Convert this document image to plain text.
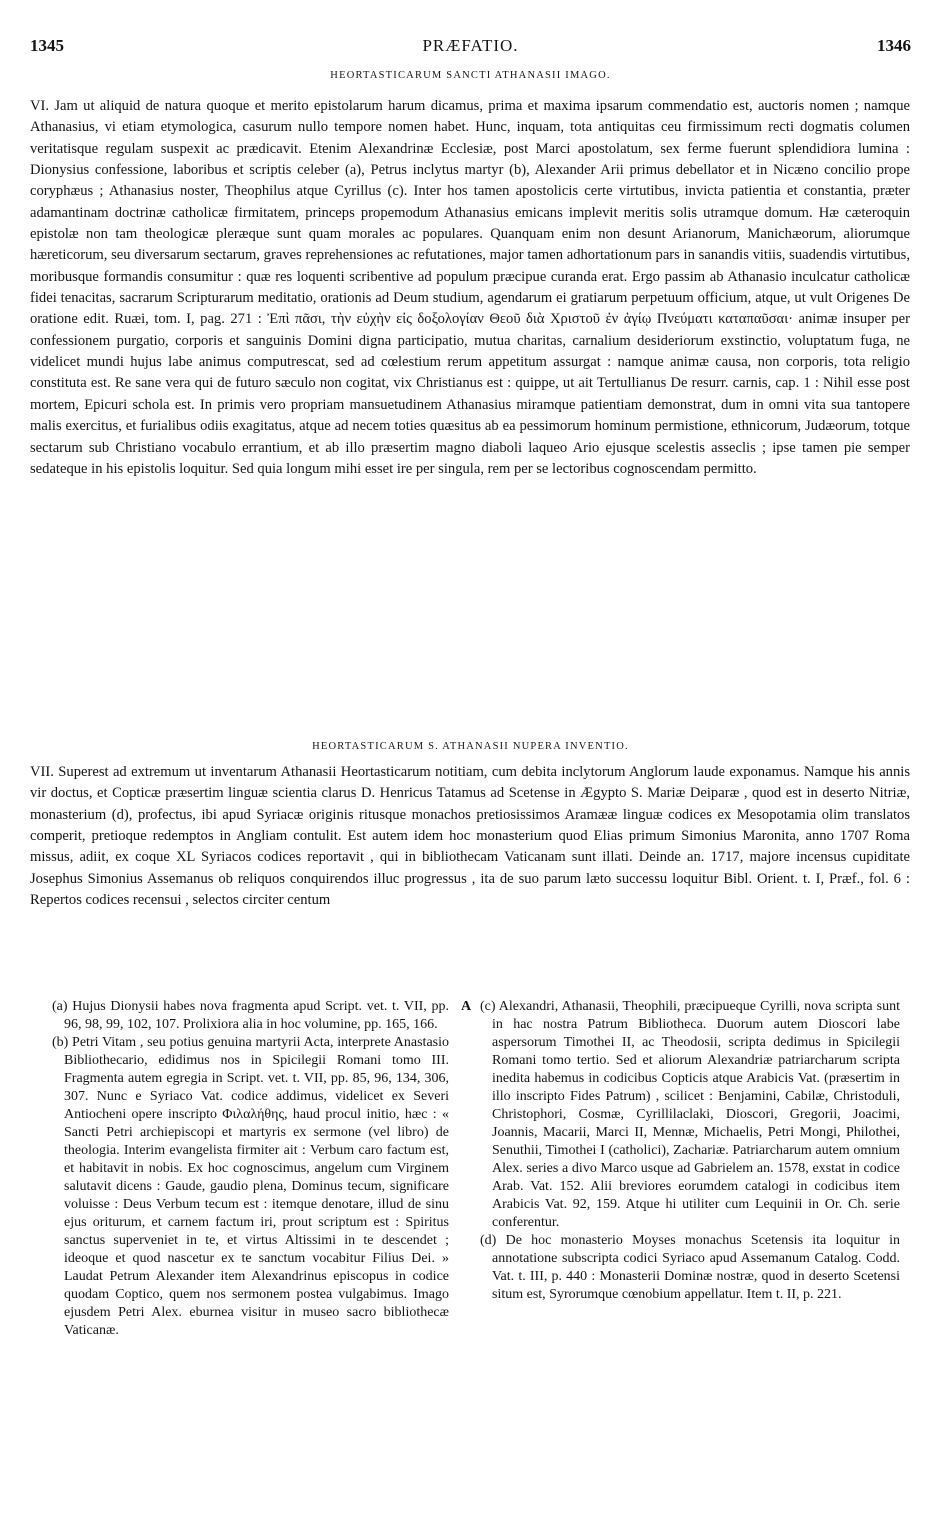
1345	PRÆFATIO.	1346
HEORTASTICARUM SANCTI ATHANASII IMAGO.

VI. Jam ut aliquid de natura quoque et merito epistolarum harum dicamus, prima et maxima ipsarum commendatio est, auctoris nomen ; namque Athanasius, vi etiam etymologica, casurum nullo tempore nomen habet. Hunc, inquam, tota antiquitas ceu firmissimum recti dogmatis columen veritatisque regulam suspexit ac prædicavit. Etenim Alexandrinæ Ecclesiæ, post Marci apostolatum, sex ferme fuerunt splendidiora lumina : Dionysius confessione, laboribus et scriptis celeber (a), Petrus inclytus martyr (b), Alexander Arii primus debellator et in Nicæno concilio prope coryphæus ; Athanasius noster, Theophilus atque Cyrillus (c). Inter hos tamen apostolicis certe virtutibus, invicta patientia et constantia, præter adamantinam doctrinæ catholicæ firmitatem, princeps propemodum Athanasius emicans implevit meritis solis utramque domum. Hæ cæteroquin epistolæ non tam theologicæ pleræque sunt quam morales ac populares. Quanquam enim non desunt Arianorum, Manichæorum, aliorumque hæreticorum, seu diversarum sectarum, graves reprehensiones ac refutationes, major tamen adhortationum pars in sanandis vitiis, suadendis virtutibus, moribusque formandis consumitur : quæ res loquenti scribentive ad populum præcipue curanda erat. Ergo passim ab Athanasio inculcatur catholicæ fidei tenacitas, sacrarum Scripturarum meditatio, orationis ad Deum studium, agendarum ei gratiarum perpetuum officium, atque, ut vult Origenes De oratione edit. Ruæi, tom. I, pag. 271 : Ἐπὶ πᾶσι, τὴν εὐχὴν εἰς δοξολογίαν Θεοῦ διὰ Χριστοῦ ἐν ἁγίῳ Πνεύματι καταπαῦσαι· animæ insuper per confessionem purgatio, corporis et sanguinis Domini digna participatio, mutua charitas, carnalium desideriorum exstinctio, voluptatum fuga, ne videlicet mundi hujus labe animus computrescat, sed ad cœlestium rerum appetitum assurgat : namque animæ causa, non corporis, tota religio constituta est. Re sane vera qui de futuro sæculo non cogitat, vix Christianus est : quippe, ut ait Tertullianus De resurr. carnis, cap. 1 : Nihil esse post mortem, Epicuri schola est. In primis vero propriam mansuetudinem Athanasius miramque patientiam demonstrat, dum in omni vita sua tantopere malis exercitus, et furialibus odiis exagitatus, atque ad necem toties quæsitus ab ea pessimorum hominum permistione, ethnicorum, Judæorum, totque sectarum sub Christiano vocabulo errantium, et ab illo præsertim magno diaboli laqueo Ario ejusque scelestis asseclis ; ipse tamen pie semper sedateque in his epistolis loquitur. Sed quia longum mihi esset ire per singula, rem per se lectoribus cognoscendam permitto.

HEORTASTICARUM S. ATHANASII NUPERA INVENTIO.

VII. Superest ad extremum ut inventarum Athanasii Heortasticarum notitiam, cum debita inclytorum Anglorum laude exponamus. Namque his annis vir doctus, et Copticæ præsertim linguæ scientia clarus D. Henricus Tatamus ad Scetense in Ægypto S. Mariæ Deiparæ , quod est in deserto Nitriæ, monasterium (d), profectus, ibi apud Syriacæ originis ritusque monachos pretiosissimos Aramææ linguæ codices ex Mesopotamia olim translatos comperit, pretioque redemptos in Angliam contulit. Est autem idem hoc monasterium quod Elias primum Simonius Maronita, anno 1707 Roma missus, adiit, ex coque XL Syriacos codices reportavit , qui in bibliothecam Vaticanam sunt illati. Deinde an. 1717, majore incensus cupiditate Josephus Simonius Assemanus ob reliquos conquirendos illuc progressus , ita de suo parum læto successu loquitur Bibl. Orient. t. I, Præf., fol. 6 : Repertos codices recensui , selectos circiter centum

(a) Hujus Dionysii habes nova fragmenta apud Script. vet. t. VII, pp. 96, 98, 99, 102, 107. Prolixiora alia in hoc volumine, pp. 165, 166.

(b) Petri Vitam , seu potius genuina martyrii Acta, interprete Anastasio Bibliothecario, edidimus nos in Spicilegii Romani tomo III. Fragmenta autem egregia in Script. vet. t. VII, pp. 85, 96, 134, 306, 307. Nunc e Syriaco Vat. codice addimus, videlicet ex Severi Antiocheni opere inscripto Φιλαλήθης, haud procul initio, hæc : « Sancti Petri archiepiscopi et martyris ex sermone (vel libro) de theologia. Interim evangelista firmiter ait : Verbum caro factum est, et habitavit in nobis. Ex hoc cognoscimus, angelum cum Virginem salutavit dicens : Gaude, gaudio plena, Dominus tecum, significare voluisse : Deus Verbum tecum est : itemque denotare, illud de sinu ejus oriturum, et carnem factum iri, prout scriptum est : Spiritus sanctus superveniet in te, et virtus Altissimi in te descendet ; ideoque et quod nascetur ex te sanctum vocabitur Filius Dei. » Laudat Petrum Alexander item Alexandrinus episcopus in codice quodam Coptico, quem nos sermonem postea vulgabimus. Imago ejusdem Petri Alex. eburnea visitur in museo sacro bibliothecæ Vaticanæ.

A (c) Alexandri, Athanasii, Theophili, præcipueque Cyrilli, nova scripta sunt in hac nostra Patrum Bibliotheca. Duorum autem Dioscori labe aspersorum Timothei II, ac Theodosii, scripta dedimus in Spicilegii Romani tomo tertio. Sed et aliorum Alexandriæ patriarcharum scripta inedita habemus in codicibus Copticis atque Arabicis Vat. (præsertim in illo inscripto Fides Patrum) , scilicet : Benjamini, Cabilæ, Christoduli, Christophori, Cosmæ, Cyrillilaclaki, Dioscori, Gregorii, Joacimi, Joannis, Macarii, Marci II, Mennæ, Michaelis, Petri Mongi, Philothei, Senuthii, Timothei I (catholici), Zachariæ. Patriarcharum autem omnium Alex. series a divo Marco usque ad Gabrielem an. 1578, exstat in codice Arab. Vat. 152. Alii breviores eorumdem catalogi in codicibus item Arabicis Vat. 92, 159. Atque hi utiliter cum Lequinii in Or. Ch. serie conferentur.

(d) De hoc monasterio Moyses monachus Scetensis ita loquitur in annotatione subscripta codici Syriaco apud Assemanum Catalog. Codd. Vat. t. III, p. 440 : Monasterii Dominæ nostræ, quod in deserto Scetensi situm est, Syrorumque cœnobium appellatur. Item t. II, p. 221.
